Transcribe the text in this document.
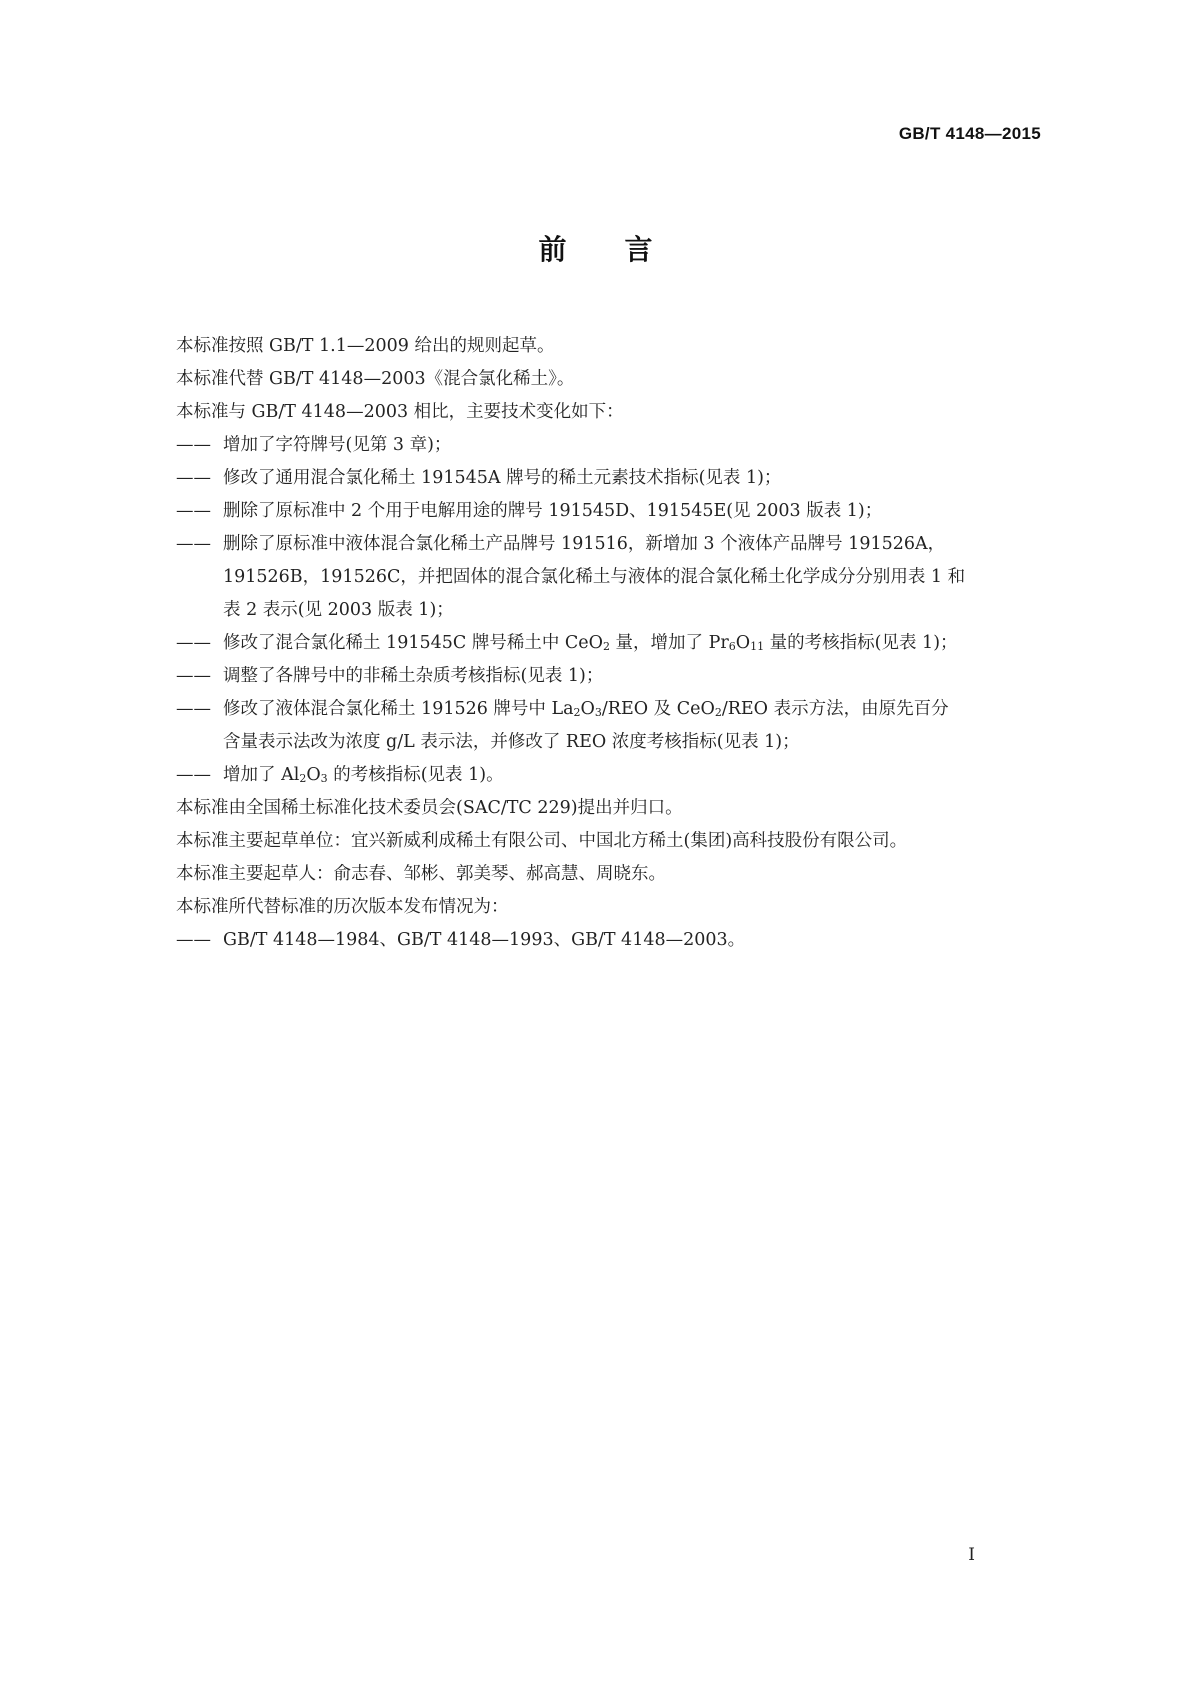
GB/T 4148—2015
前 言

本标准按照 GB/T 1.1—2009 给出的规则起草。

本标准代替 GB/T 4148—2003《混合氯化稀土》。

本标准与 GB/T 4148—2003 相比，主要技术变化如下：

—— 增加了字符牌号(见第 3 章)；
—— 修改了通用混合氯化稀土 191545A 牌号的稀土元素技术指标(见表 1)；
—— 删除了原标准中 2 个用于电解用途的牌号 191545D、191545E(见 2003 版表 1)；
—— 删除了原标准中液体混合氯化稀土产品牌号 191516，新增加 3 个液体产品牌号 191526A，
191526B，191526C，并把固体的混合氯化稀土与液体的混合氯化稀土化学成分分别用表 1 和
表 2 表示(见 2003 版表 1)；
—— 修改了混合氯化稀土 191545C 牌号稀土中 CeO$_2$ 量，增加了 $Pr_6O_{11}$ 量的考核指标(见表 1)；
—— 调整了各牌号中的非稀土杂质考核指标(见表 1)；
—— 修改了液体混合氯化稀土 191526 牌号中 $La_2O_3$/REO 及 CeO$_2$/REO 表示方法，由原先百分
含量表示法改为浓度 g/L 表示法，并修改了 REO 浓度考核指标(见表 1)；
—— 增加了 $Al_2O_3$ 的考核指标(见表 1)。

本标准由全国稀土标准化技术委员会(SAC/TC 229)提出并归口。

本标准主要起草单位：宜兴新威利成稀土有限公司、中国北方稀土(集团)高科技股份有限公司。

本标准主要起草人：俞志春、邹彬、郭美琴、郝高慧、周晓东。

本标准所代替标准的历次版本发布情况为：

—— GB/T 4148—1984、GB/T 4148—1993、GB/T 4148—2003。
I
